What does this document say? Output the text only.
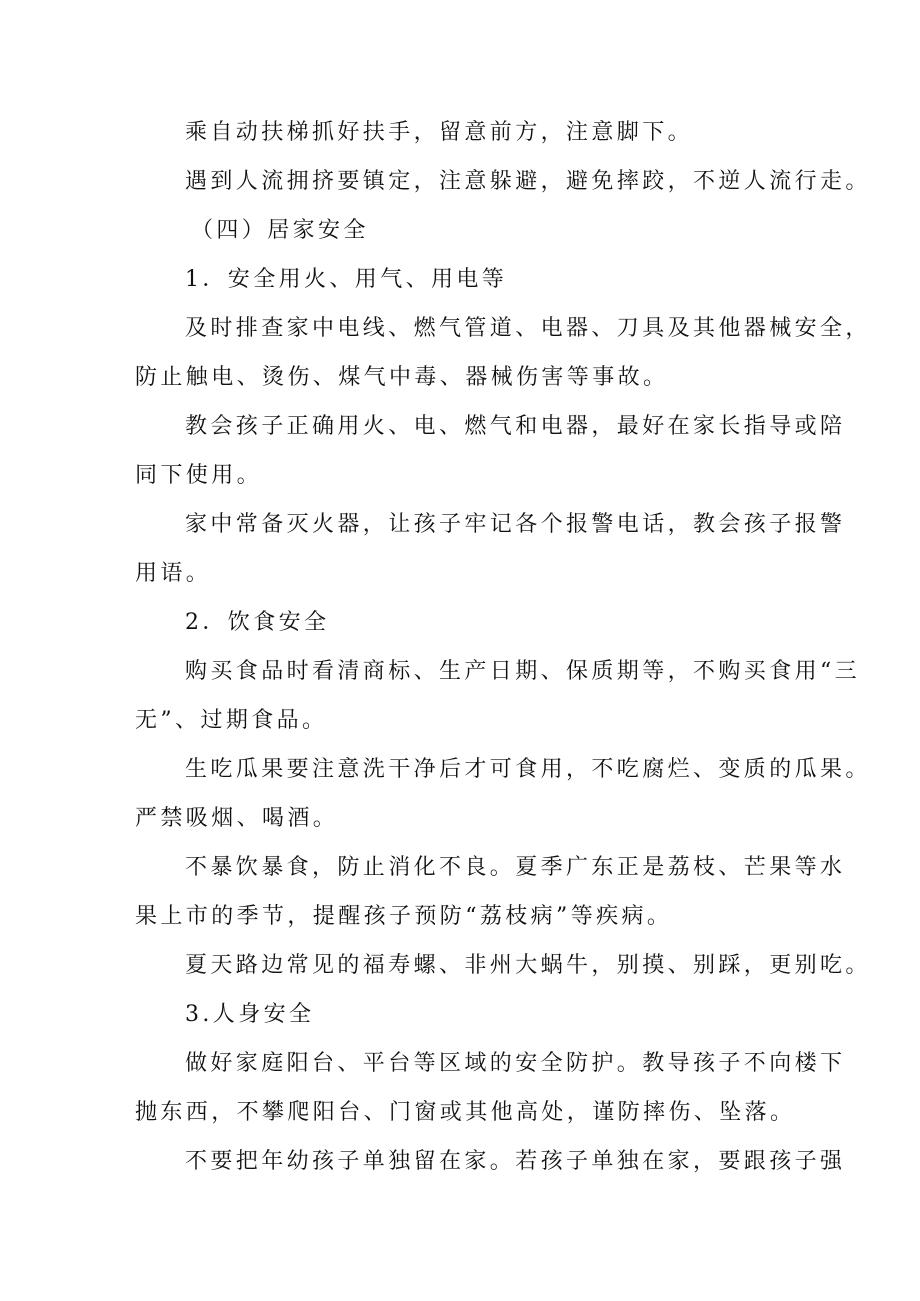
乘自动扶梯抓好扶手，留意前方，注意脚下。

遇到人流拥挤要镇定，注意躲避，避免摔跤，不逆人流行走。

（四）居家安全

1．安全用火、用气、用电等

及时排查家中电线、燃气管道、电器、刀具及其他器械安全，

防止触电、烫伤、煤气中毒、器械伤害等事故。

教会孩子正确用火、电、燃气和电器，最好在家长指导或陪

同下使用。

家中常备灭火器，让孩子牢记各个报警电话，教会孩子报警

用语。

2．饮食安全

购买食品时看清商标、生产日期、保质期等，不购买食用“三

无”、过期食品。

生吃瓜果要注意洗干净后才可食用，不吃腐烂、变质的瓜果。

严禁吸烟、喝酒。

不暴饮暴食，防止消化不良。夏季广东正是荔枝、芒果等水

果上市的季节，提醒孩子预防“荔枝病”等疾病。

夏天路边常见的福寿螺、非州大蜗牛，别摸、别踩，更别吃。

3.人身安全

做好家庭阳台、平台等区域的安全防护。教导孩子不向楼下

抛东西，不攀爬阳台、门窗或其他高处，谨防摔伤、坠落。

不要把年幼孩子单独留在家。若孩子单独在家，要跟孩子强
